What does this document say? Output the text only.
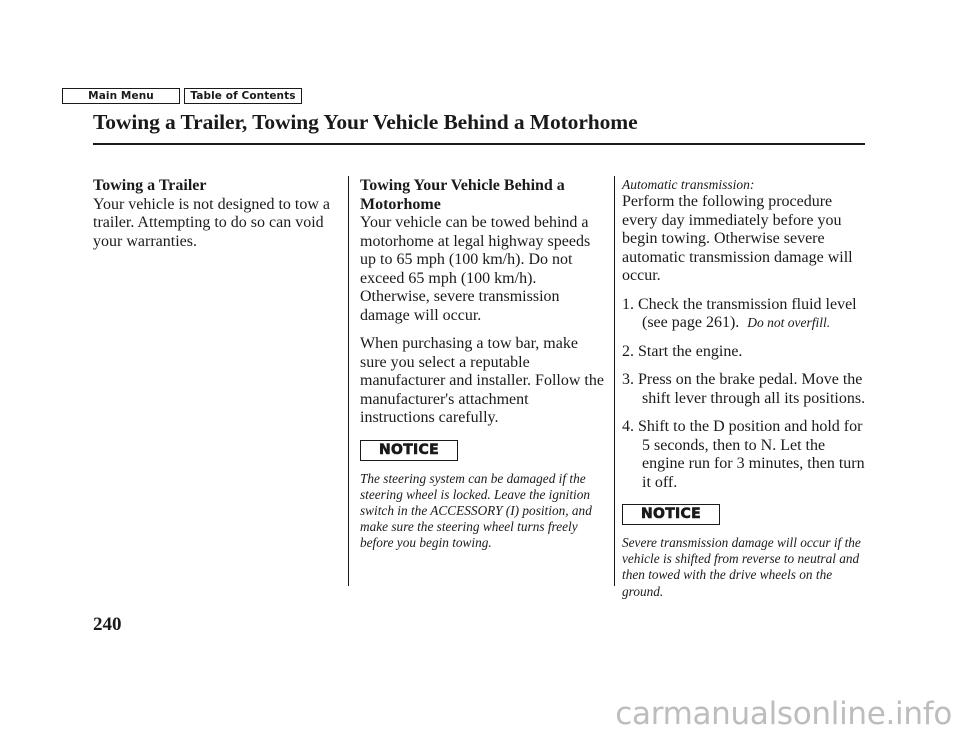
Main Menu	Table of Contents
Towing a Trailer, Towing Your Vehicle Behind a Motorhome
Towing a Trailer
Your vehicle is not designed to tow a trailer. Attempting to do so can void your warranties.
Towing Your Vehicle Behind a Motorhome
Your vehicle can be towed behind a motorhome at legal highway speeds up to 65 mph (100 km/h). Do not exceed 65 mph (100 km/h). Otherwise, severe transmission damage will occur.
When purchasing a tow bar, make sure you select a reputable manufacturer and installer. Follow the manufacturer's attachment instructions carefully.
NOTICE
The steering system can be damaged if the steering wheel is locked. Leave the ignition switch in the ACCESSORY (I) position, and make sure the steering wheel turns freely before you begin towing.
Automatic transmission:
Perform the following procedure every day immediately before you begin towing. Otherwise severe automatic transmission damage will occur.
1. Check the transmission fluid level (see page 261). Do not overfill.
2. Start the engine.
3. Press on the brake pedal. Move the shift lever through all its positions.
4. Shift to the D position and hold for 5 seconds, then to N. Let the engine run for 3 minutes, then turn it off.
NOTICE
Severe transmission damage will occur if the vehicle is shifted from reverse to neutral and then towed with the drive wheels on the ground.
240
carmanualsonline.info
